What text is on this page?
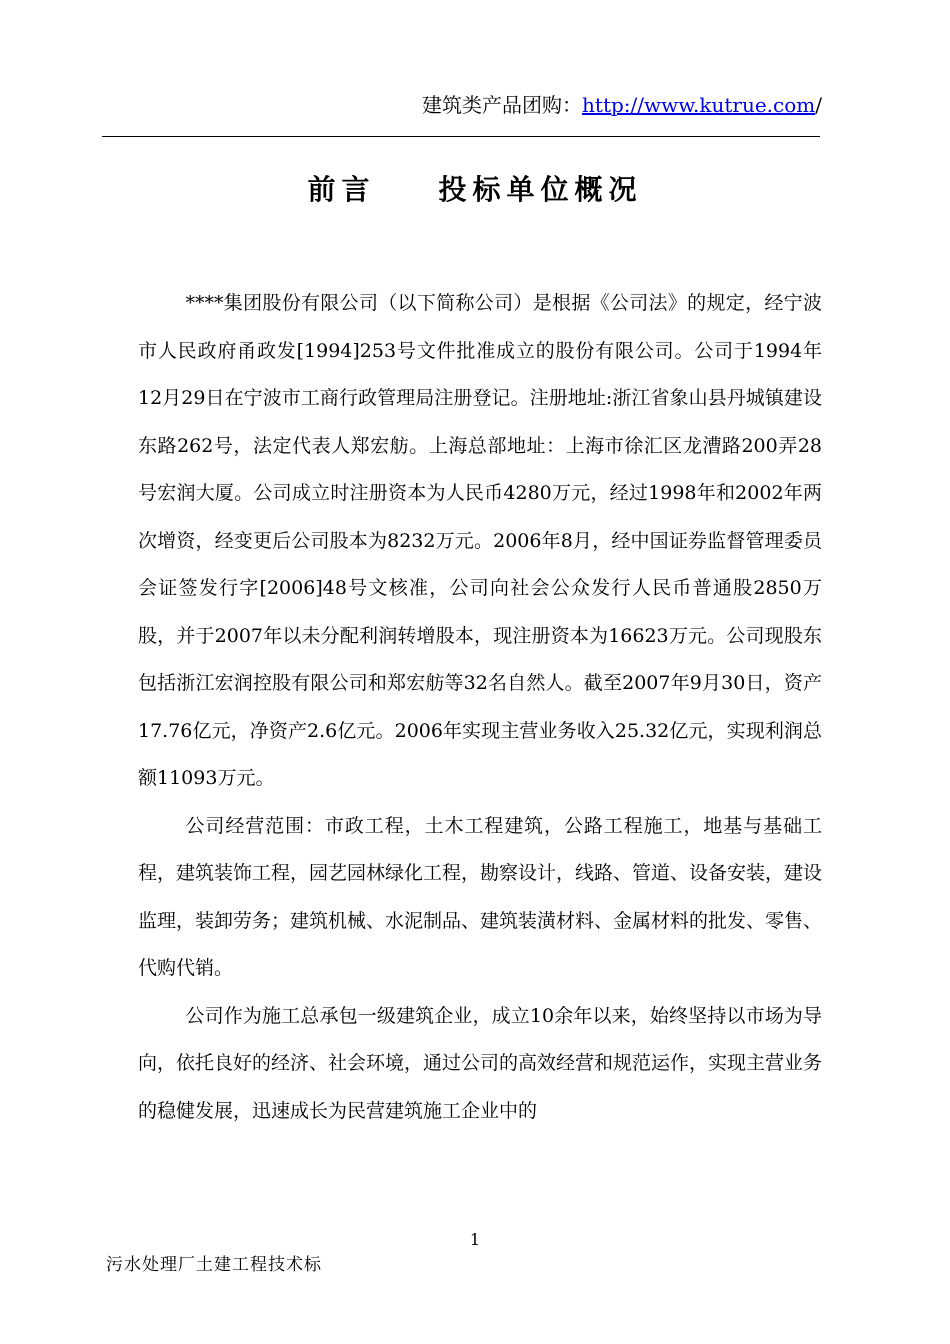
建筑类产品团购：http://www.kutrue.com/
前言    投标单位概况

****集团股份有限公司（以下简称公司）是根据《公司法》的规定，经宁波市人民政府甬政发[1994]253号文件批准成立的股份有限公司。公司于1994年12月29日在宁波市工商行政管理局注册登记。注册地址:浙江省象山县丹城镇建设东路262号，法定代表人郑宏舫。上海总部地址：上海市徐汇区龙漕路200弄28号宏润大厦。公司成立时注册资本为人民币4280万元，经过1998年和2002年两次增资，经变更后公司股本为8232万元。2006年8月，经中国证券监督管理委员会证签发行字[2006]48号文核准，公司向社会公众发行人民币普通股2850万股，并于2007年以未分配利润转增股本，现注册资本为16623万元。公司现股东包括浙江宏润控股有限公司和郑宏舫等32名自然人。截至2007年9月30日，资产17.76亿元，净资产2.6亿元。2006年实现主营业务收入25.32亿元，实现利润总额11093万元。

公司经营范围：市政工程，土木工程建筑，公路工程施工，地基与基础工程，建筑装饰工程，园艺园林绿化工程，勘察设计，线路、管道、设备安装，建设监理，装卸劳务；建筑机械、水泥制品、建筑装潢材料、金属材料的批发、零售、代购代销。

公司作为施工总承包一级建筑企业，成立10余年以来，始终坚持以市场为导向，依托良好的经济、社会环境，通过公司的高效经营和规范运作，实现主营业务的稳健发展，迅速成长为民营建筑施工企业中的

1
污水处理厂土建工程技术标
